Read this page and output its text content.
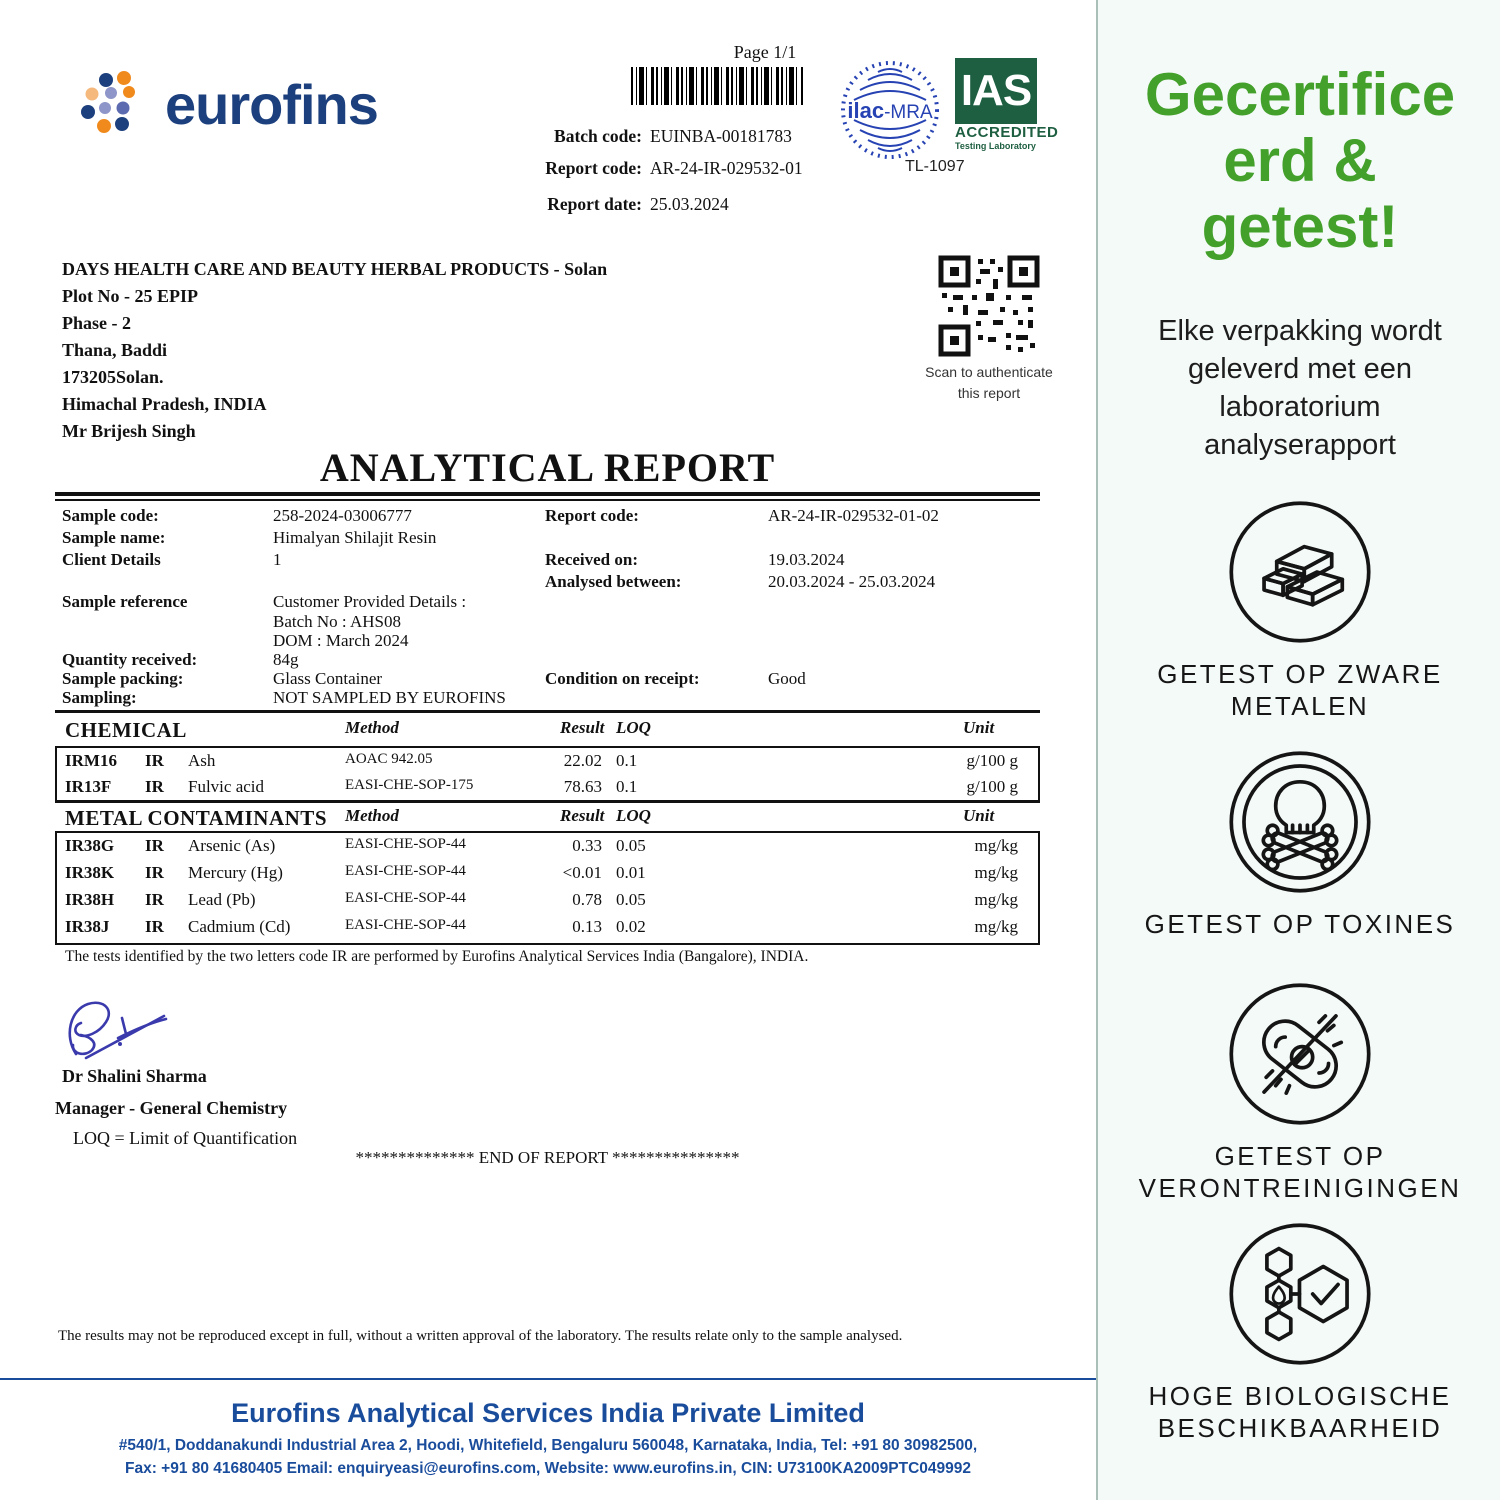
eurofins
Page 1/1
Batch code: EUINBA-00181783
Report code: AR-24-IR-029532-01
Report date: 25.03.2024
ilac-MRA
TL-1097
IAS
ACCREDITED
Testing Laboratory
DAYS HEALTH CARE AND BEAUTY HERBAL PRODUCTS - Solan
Plot No - 25 EPIP
Phase - 2
Thana, Baddi
173205Solan.
Himachal Pradesh, INDIA
Mr Brijesh Singh
Scan to authenticate
this report
ANALYTICAL REPORT
Sample code:	258-2024-03006777	Report code:	AR-24-IR-029532-01-02
Sample name:	Himalyan Shilajit Resin
Client Details	1	Received on:	19.03.2024
Analysed between:	20.03.2024 - 25.03.2024
Sample reference	Customer Provided Details :
Batch No : AHS08
DOM : March 2024
Quantity received:	84g
Sample packing:	Glass Container	Condition on receipt:	Good
Sampling:	NOT SAMPLED BY EUROFINS
CHEMICAL	Method	Result LOQ	Unit
IRM16 IR Ash	AOAC 942.05	22.02 0.1	g/100 g
IR13F IR Fulvic acid	EASI-CHE-SOP-175	78.63 0.1	g/100 g
METAL CONTAMINANTS Method	Result LOQ	Unit
IR38G IR Arsenic (As)	EASI-CHE-SOP-44	0.33 0.05	mg/kg
IR38K IR Mercury (Hg)	EASI-CHE-SOP-44	<0.01 0.01	mg/kg
IR38H IR Lead (Pb)	EASI-CHE-SOP-44	0.78 0.05	mg/kg
IR38J IR Cadmium (Cd)	EASI-CHE-SOP-44	0.13 0.02	mg/kg
The tests identified by the two letters code IR are performed by Eurofins Analytical Services India (Bangalore), INDIA.
Dr Shalini Sharma
Manager - General Chemistry
LOQ = Limit of Quantification
************** END OF REPORT ***************
The results may not be reproduced except in full, without a written approval of the laboratory. The results relate only to the sample analysed.
Eurofins Analytical Services India Private Limited
#540/1, Doddanakundi Industrial Area 2, Hoodi, Whitefield, Bengaluru 560048, Karnataka, India, Tel: +91 80 30982500,
Fax: +91 80 41680405 Email: enquiryeasi@eurofins.com, Website: www.eurofins.in, CIN: U73100KA2009PTC049992
Gecertifice
erd &
getest!
Elke verpakking wordt
geleverd met een
laboratorium
analyserapport
GETEST OP ZWARE
METALEN
GETEST OP TOXINES
GETEST OP
VERONTREINIGINGEN
HOGE BIOLOGISCHE
BESCHIKBAARHEID
